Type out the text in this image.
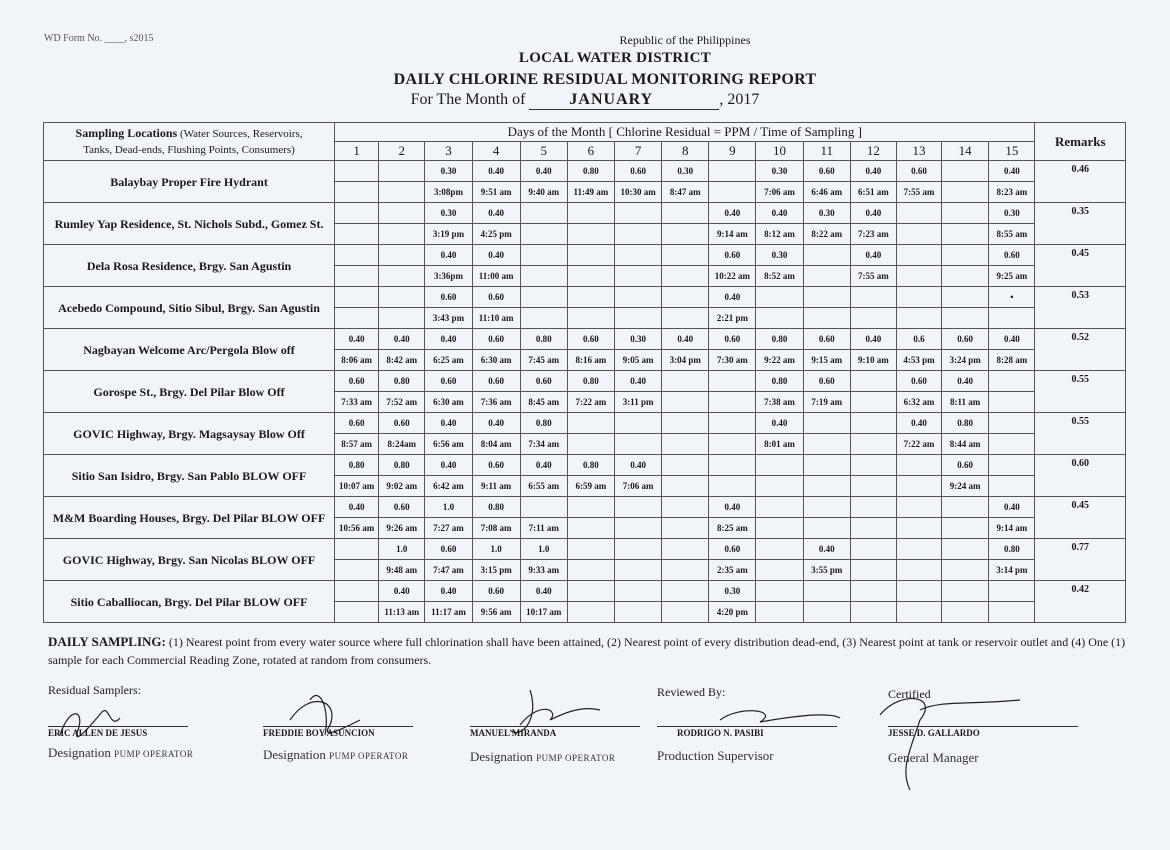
WD Form No. ____, s2015	Republic of the Philippines
LOCAL WATER DISTRICT
DAILY CHLORINE RESIDUAL MONITORING REPORT
For The Month of	JANUARY	, 2017
Sampling Locations (Water Sources, Reservoirs,
Tanks, Dead-ends, Flushing Points, Consumers)	Days of the Month [ Chlorine Residual = PPM / Time of Sampling ]															Remarks
	1	2	3	4	5	6	7	8	9	10	11	12	13	14	15	
Balaybay Proper Fire Hydrant			0.30	0.40	0.40	0.80	0.60	0.30		0.30	0.60	0.40	0.60		0.40	0.46
			3:08pm	9:51 am	9:40 am	11:49 am	10:30 am	8:47 am		7:06 am	6:46 am	6:51 am	7:55 am		8:23 am	
Rumley Yap Residence, St. Nichols Subd., Gomez St.			0.30	0.40					0.40	0.40	0.30	0.40			0.30	0.35
			3:19 pm	4:25 pm					9:14 am	8:12 am	8:22 am	7:23 am			8:55 am	
Dela Rosa Residence, Brgy. San Agustin			0.40	0.40					0.60	0.30		0.40			0.60	0.45
			3:36pm	11:00 am					10:22 am	8:52 am		7:55 am			9:25 am	
Acebedo Compound, Sitio Sibul, Brgy. San Agustin			0.60	0.60					0.40						•	0.53
			3:43 pm	11:10 am					2:21 pm							
Nagbayan Welcome Arc/Pergola Blow off	0.40	0.40	0.40	0.60	0.80	0.60	0.30	0.40	0.60	0.80	0.60	0.40	0.6	0.60	0.40	0.52
	8:06 am	8:42 am	6:25 am	6:30 am	7:45 am	8:16 am	9:05 am	3:04 pm	7:30 am	9:22 am	9:15 am	9:10 am	4:53 pm	3:24 pm	8:28 am	
Gorospe St., Brgy. Del Pilar Blow Off	0.60	0.80	0.60	0.60	0.60	0.80	0.40			0.80	0.60		0.60	0.40		0.55
	7:33 am	7:52 am	6:30 am	7:36 am	8:45 am	7:22 am	3:11 pm			7:38 am	7:19 am		6:32 am	8:11 am		
GOVIC Highway, Brgy. Magsaysay Blow Off	0.60	0.60	0.40	0.40	0.80					0.40			0.40	0.80		0.55
	8:57 am	8:24am	6:56 am	8:04 am	7:34 am					8:01 am			7:22 am	8:44 am		
Sitio San Isidro, Brgy. San Pablo BLOW OFF	0.80	0.80	0.40	0.60	0.40	0.80	0.40							0.60		0.60
	10:07 am	9:02 am	6:42 am	9:11 am	6:55 am	6:59 am	7:06 am							9:24 am		
M&M Boarding Houses, Brgy. Del Pilar BLOW OFF	0.40	0.60	1.0	0.80					0.40						0.40	0.45
	10:56 am	9:26 am	7:27 am	7:08 am	7:11 am				8:25 am						9:14 am	
GOVIC Highway, Brgy. San Nicolas BLOW OFF		1.0	0.60	1.0	1.0				0.60		0.40				0.80	0.77
		9:48 am	7:47 am	3:15 pm	9:33 am				2:35 am		3:55 pm				3:14 pm	
Sitio Caballiocan, Brgy. Del Pilar BLOW OFF		0.40	0.40	0.60	0.40				0.30							0.42
		11:13 am	11:17 am	9:56 am	10:17 am				4:20 pm							
DAILY SAMPLING: (1) Nearest point from every water source where full chlorination shall have been attained, (2) Nearest point of every distribution dead-end, (3) Nearest point at tank or reservoir outlet and (4) One (1) sample for each Commercial Reading Zone, rotated at random from consumers.
Residual Samplers:	Reviewed By:	Certified
ERIC ALLEN DE JESUS
Designation PUMP OPERATOR
FREDDIE BOY ASUNCION
Designation PUMP OPERATOR
MANUEL MIRANDA
Designation PUMP OPERATOR
RODRIGO N. PASIBI
Production Supervisor
JESSE D. GALLARDO
General Manager
